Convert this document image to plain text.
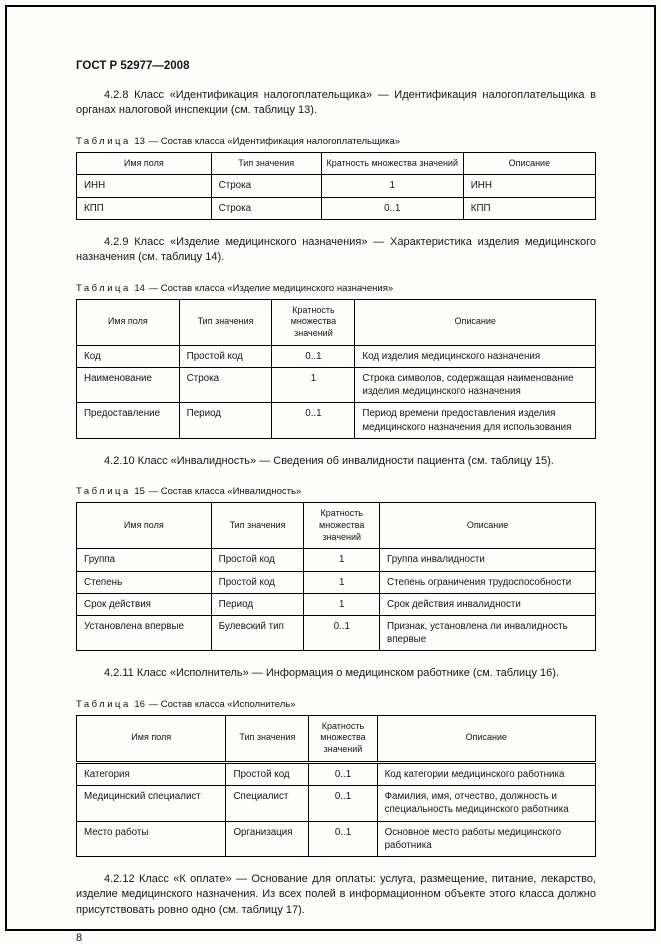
ГОСТ Р 52977—2008

4.2.8 Класс «Идентификация налогоплательщика» — Идентификация налогоплательщика в органах налоговой инспекции (см. таблицу 13).

Таблица 13 — Состав класса «Идентификация налогоплательщика»

Имя поля	Тип значения	Кратность множества значений	Описание
ИНН	Строка	1	ИНН
КПП	Строка	0..1	КПП

4.2.9 Класс «Изделие медицинского назначения» — Характеристика изделия медицинского назначения (см. таблицу 14).

Таблица 14 — Состав класса «Изделие медицинского назначения»

Имя поля	Тип значения	Кратность множества значений	Описание
Код	Простой код	0..1	Код изделия медицинского назначения
Наименование	Строка	1	Строка символов, содержащая наименование изделия медицинского назначения
Предоставление	Период	0..1	Период времени предоставления изделия медицинского назначения для использования

4.2.10 Класс «Инвалидность» — Сведения об инвалидности пациента (см. таблицу 15).

Таблица 15 — Состав класса «Инвалидность»

Имя поля	Тип значения	Кратность множества значений	Описание
Группа	Простой код	1	Группа инвалидности
Степень	Простой код	1	Степень ограничения трудоспособности
Срок действия	Период	1	Срок действия инвалидности
Установлена впервые	Булевский тип	0..1	Признак, установлена ли инвалидность впервые

4.2.11 Класс «Исполнитель» — Информация о медицинском работнике (см. таблицу 16).

Таблица 16 — Состав класса «Исполнитель»

Имя поля	Тип значения	Кратность множества значений	Описание
Категория	Простой код	0..1	Код категории медицинского работника
Медицинский специалист	Специалист	0..1	Фамилия, имя, отчество, должность и специальность медицинского работника
Место работы	Организация	0..1	Основное место работы медицинского работника

4.2.12 Класс «К оплате» — Основание для оплаты: услуга, размещение, питание, лекарство, изделие медицинского назначения. Из всех полей в информационном объекте этого класса должно присутствовать ровно одно (см. таблицу 17).

8
